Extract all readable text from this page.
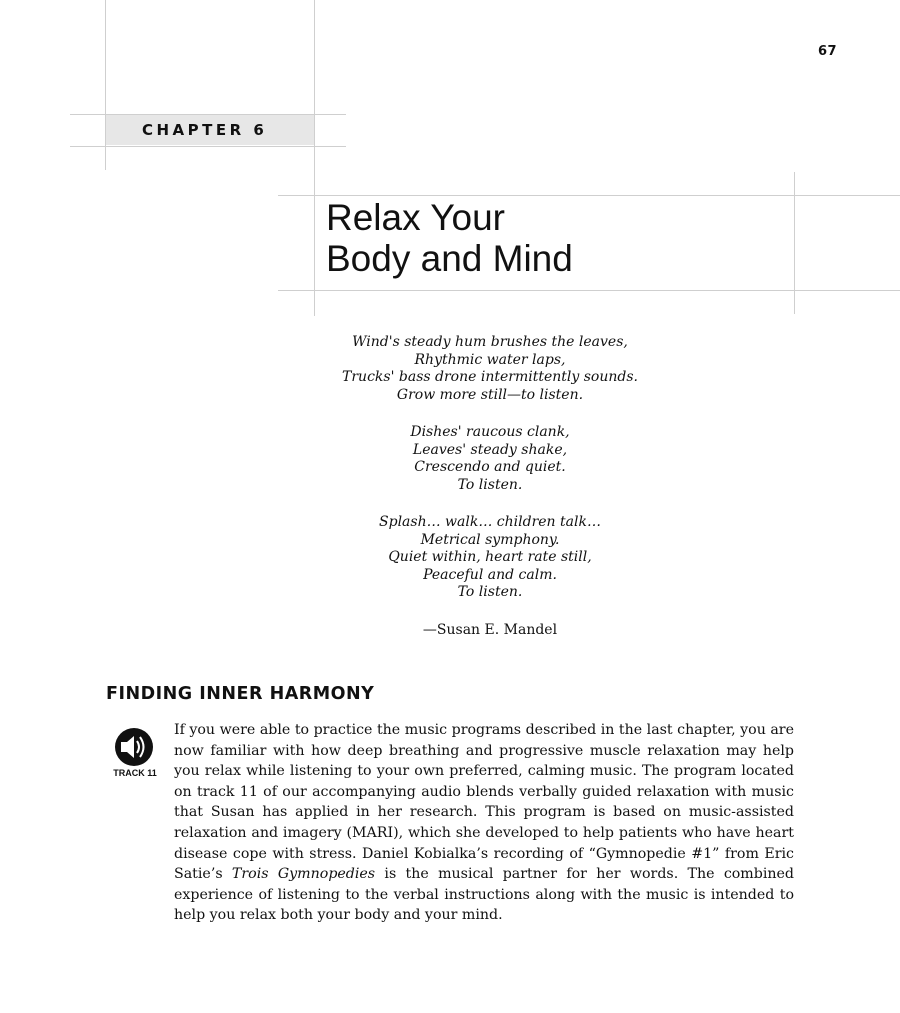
67
CHAPTER 6
Relax Your
Body and Mind
Wind's steady hum brushes the leaves,
Rhythmic water laps,
Trucks' bass drone intermittently sounds.
Grow more still—to listen.
Dishes' raucous clank,
Leaves' steady shake,
Crescendo and quiet.
To listen.
Splash… walk… children talk…
Metrical symphony.
Quiet within, heart rate still,
Peaceful and calm.
To listen.
—Susan E. Mandel
FINDING INNER HARMONY
TRACK 11

If you were able to practice the music programs described in the last chapter, you are now familiar with how deep breathing and progressive muscle relaxation may help you relax while listening to your own preferred, calming music. The program located on track 11 of our accompanying audio blends verbally guided relaxation with music that Susan has applied in her research. This program is based on music-assisted relaxation and imagery (MARI), which she developed to help patients who have heart disease cope with stress. Daniel Kobialka’s recording of “Gymnopedie #1” from Eric Satie’s Trois Gymnopedies is the musical partner for her words. The combined experience of listening to the verbal instructions along with the music is intended to help you relax both your body and your mind.
